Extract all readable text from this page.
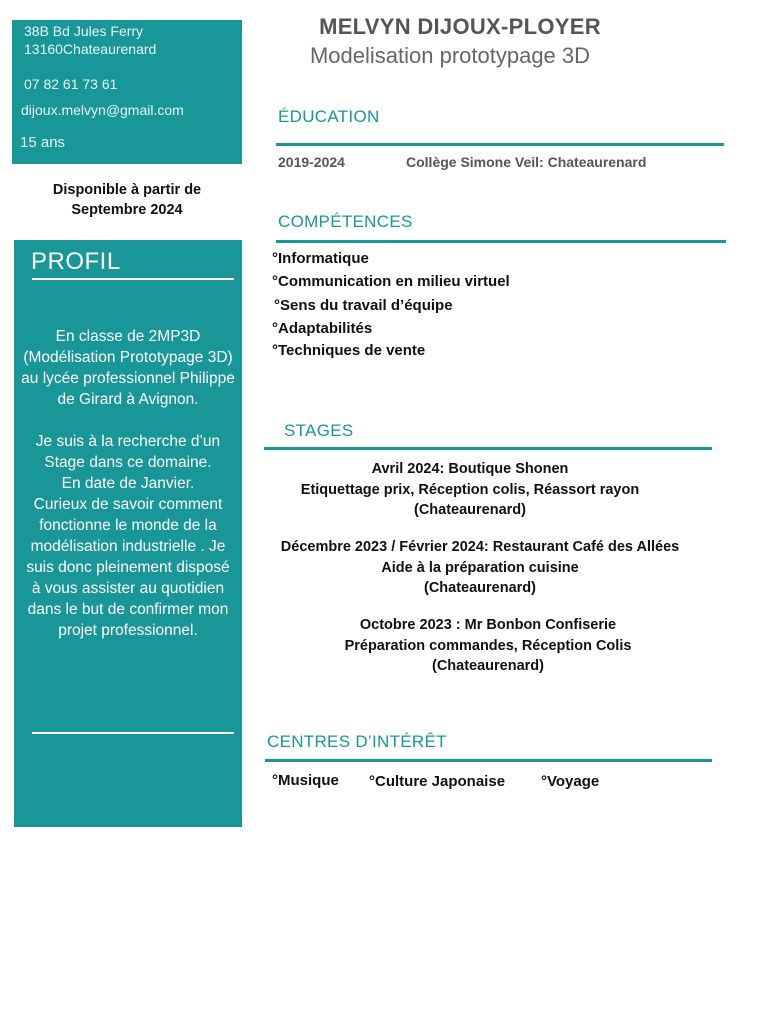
38B Bd Jules Ferry
13160Chateaurenard
07 82 61 73 61
dijoux.melvyn@gmail.com
15 ans
Disponible à partir de
Septembre 2024
PROFIL

En classe de 2MP3D (Modélisation Prototypage 3D) au lycée professionnel Philippe de Girard à Avignon.

Je suis à la recherche d’un Stage dans ce domaine.

En date de Janvier.

Curieux de savoir comment fonctionne le monde de la modélisation industrielle . Je suis donc pleinement disposé à vous assister au quotidien dans le but de confirmer mon projet professionnel.

MELVYN DIJOUX-PLOYER
Modelisation prototypage 3D
ÉDUCATION
2019-2024	Collège Simone Veil: Chateaurenard
COMPÉTENCES
°Informatique
°Communication en milieu virtuel
°Sens du travail d’équipe
°Adaptabilités
°Techniques de vente
STAGES

Avril 2024: Boutique Shonen

Etiquettage prix, Réception colis, Réassort rayon

(Chateaurenard)

Décembre 2023 / Février 2024: Restaurant Café des Allées

Aide à la préparation cuisine

(Chateaurenard)

Octobre 2023 : Mr Bonbon Confiserie

Préparation commandes, Réception Colis

(Chateaurenard)

CENTRES D’INTÉRÊT
°Musique °Culture Japonaise °Voyage
